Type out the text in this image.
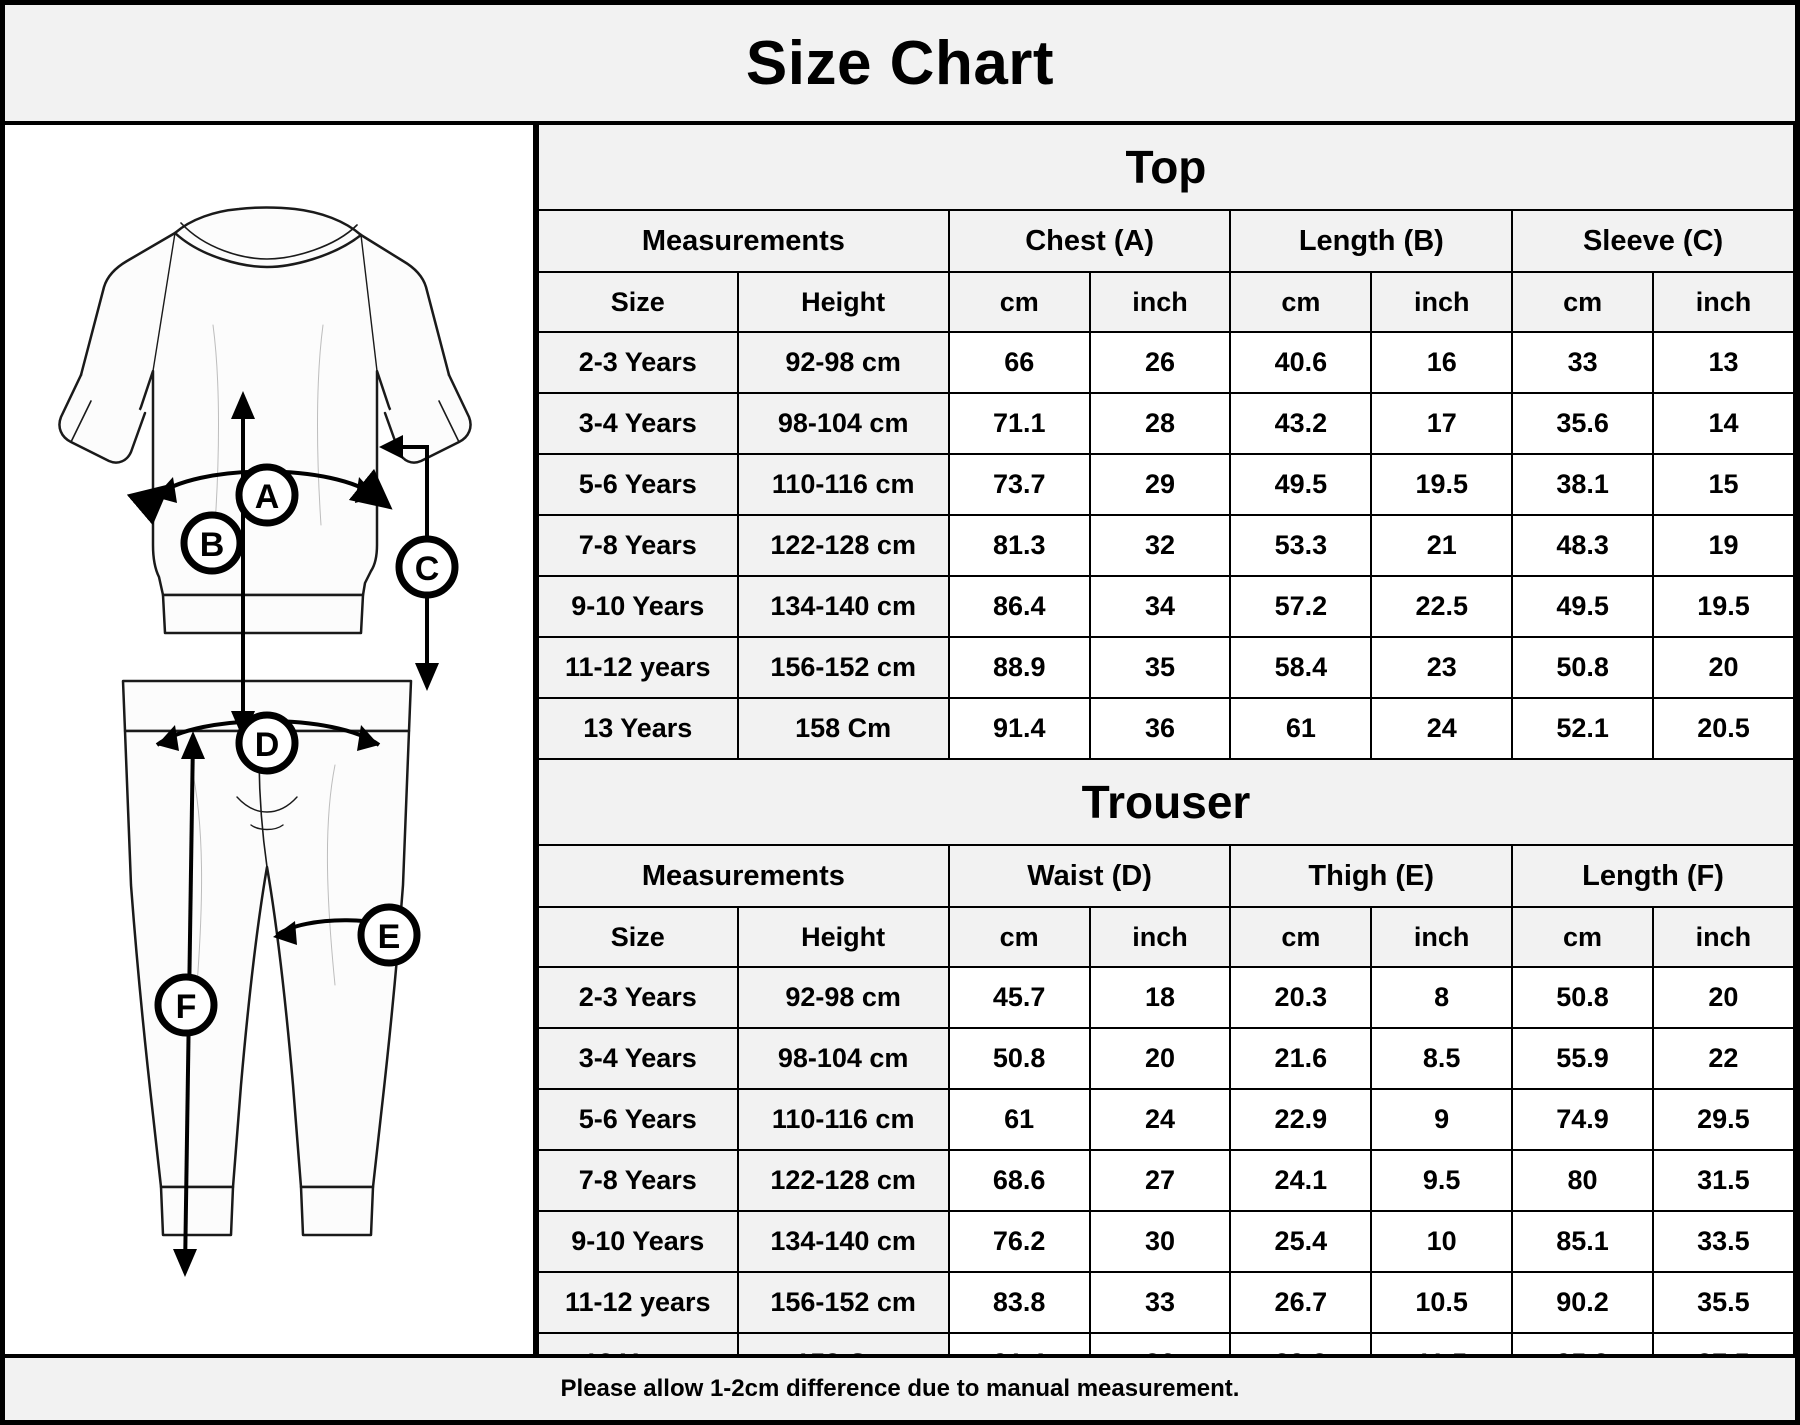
Size Chart
A
B
C
D
E
F
Top							
Measurements		Chest (A)		Length (B)		Sleeve (C)	
Size	Height	cm	inch	cm	inch	cm	inch
2-3 Years	92-98 cm	66	26	40.6	16	33	13
3-4 Years	98-104 cm	71.1	28	43.2	17	35.6	14
5-6 Years	110-116 cm	73.7	29	49.5	19.5	38.1	15
7-8 Years	122-128 cm	81.3	32	53.3	21	48.3	19
9-10 Years	134-140 cm	86.4	34	57.2	22.5	49.5	19.5
11-12 years	156-152 cm	88.9	35	58.4	23	50.8	20
13 Years	158 Cm	91.4	36	61	24	52.1	20.5
Trouser							
Measurements		Waist (D)		Thigh (E)		Length (F)	
Size	Height	cm	inch	cm	inch	cm	inch
2-3 Years	92-98 cm	45.7	18	20.3	8	50.8	20
3-4 Years	98-104 cm	50.8	20	21.6	8.5	55.9	22
5-6 Years	110-116 cm	61	24	22.9	9	74.9	29.5
7-8 Years	122-128 cm	68.6	27	24.1	9.5	80	31.5
9-10 Years	134-140 cm	76.2	30	25.4	10	85.1	33.5
11-12 years	156-152 cm	83.8	33	26.7	10.5	90.2	35.5

Please allow 1-2cm difference due to manual measurement.
